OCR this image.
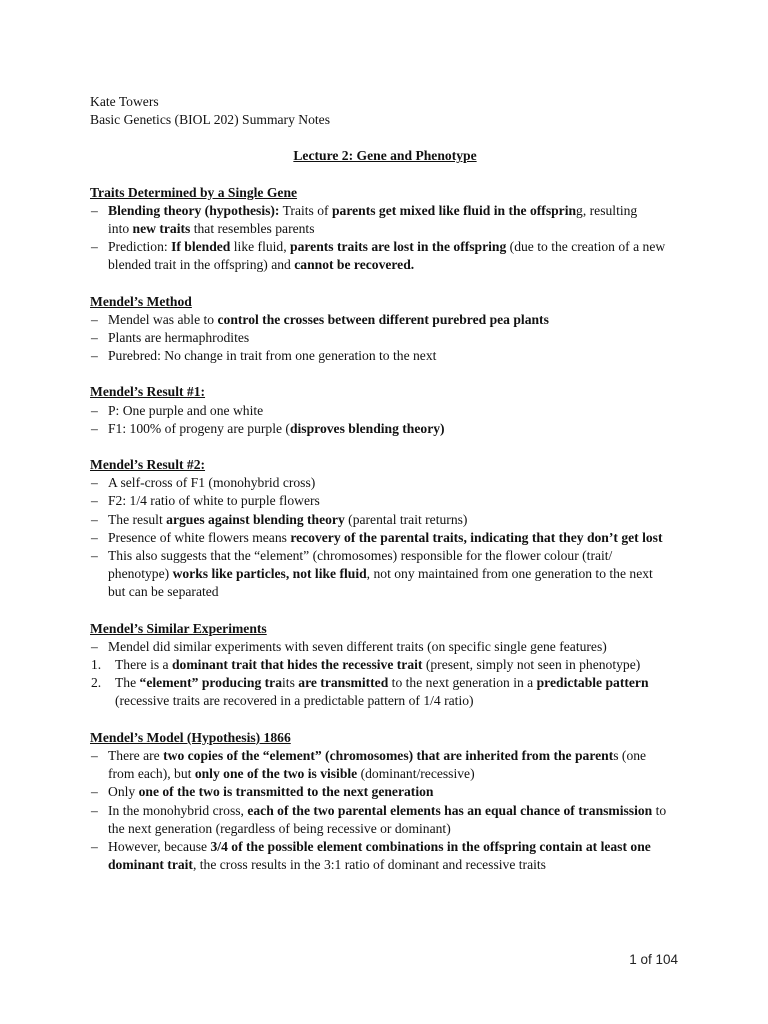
Kate Towers
Basic Genetics (BIOL 202) Summary Notes
Lecture 2: Gene and Phenotype
Traits Determined by a Single Gene
– Blending theory (hypothesis): Traits of parents get mixed like fluid in the offspring, resulting
into new traits that resembles parents
– Prediction: If blended like fluid, parents traits are lost in the offspring (due to the creation of a new
blended trait in the offspring) and cannot be recovered.
Mendel’s Method
– Mendel was able to control the crosses between different purebred pea plants
– Plants are hermaphrodites
– Purebred: No change in trait from one generation to the next
Mendel’s Result #1:
– P: One purple and one white
– F1: 100% of progeny are purple (disproves blending theory)
Mendel’s Result #2:
– A self-cross of F1 (monohybrid cross)
– F2: 1/4 ratio of white to purple flowers
– The result argues against blending theory (parental trait returns)
– Presence of white flowers means recovery of the parental traits, indicating that they don’t get lost
– This also suggests that the “element” (chromosomes) responsible for the flower colour (trait/
phenotype) works like particles, not like fluid, not ony maintained from one generation to the next
but can be separated
Mendel’s Similar Experiments
– Mendel did similar experiments with seven different traits (on specific single gene features)
1. There is a dominant trait that hides the recessive trait (present, simply not seen in phenotype)
2. The “element” producing traits are transmitted to the next generation in a predictable pattern
(recessive traits are recovered in a predictable pattern of 1/4 ratio)
Mendel’s Model (Hypothesis) 1866
– There are two copies of the “element” (chromosomes) that are inherited from the parents (one
from each), but only one of the two is visible (dominant/recessive)
– Only one of the two is transmitted to the next generation
– In the monohybrid cross, each of the two parental elements has an equal chance of transmission to
the next generation (regardless of being recessive or dominant)
– However, because 3/4 of the possible element combinations in the offspring contain at least one
dominant trait, the cross results in the 3:1 ratio of dominant and recessive traits
1 of 104
